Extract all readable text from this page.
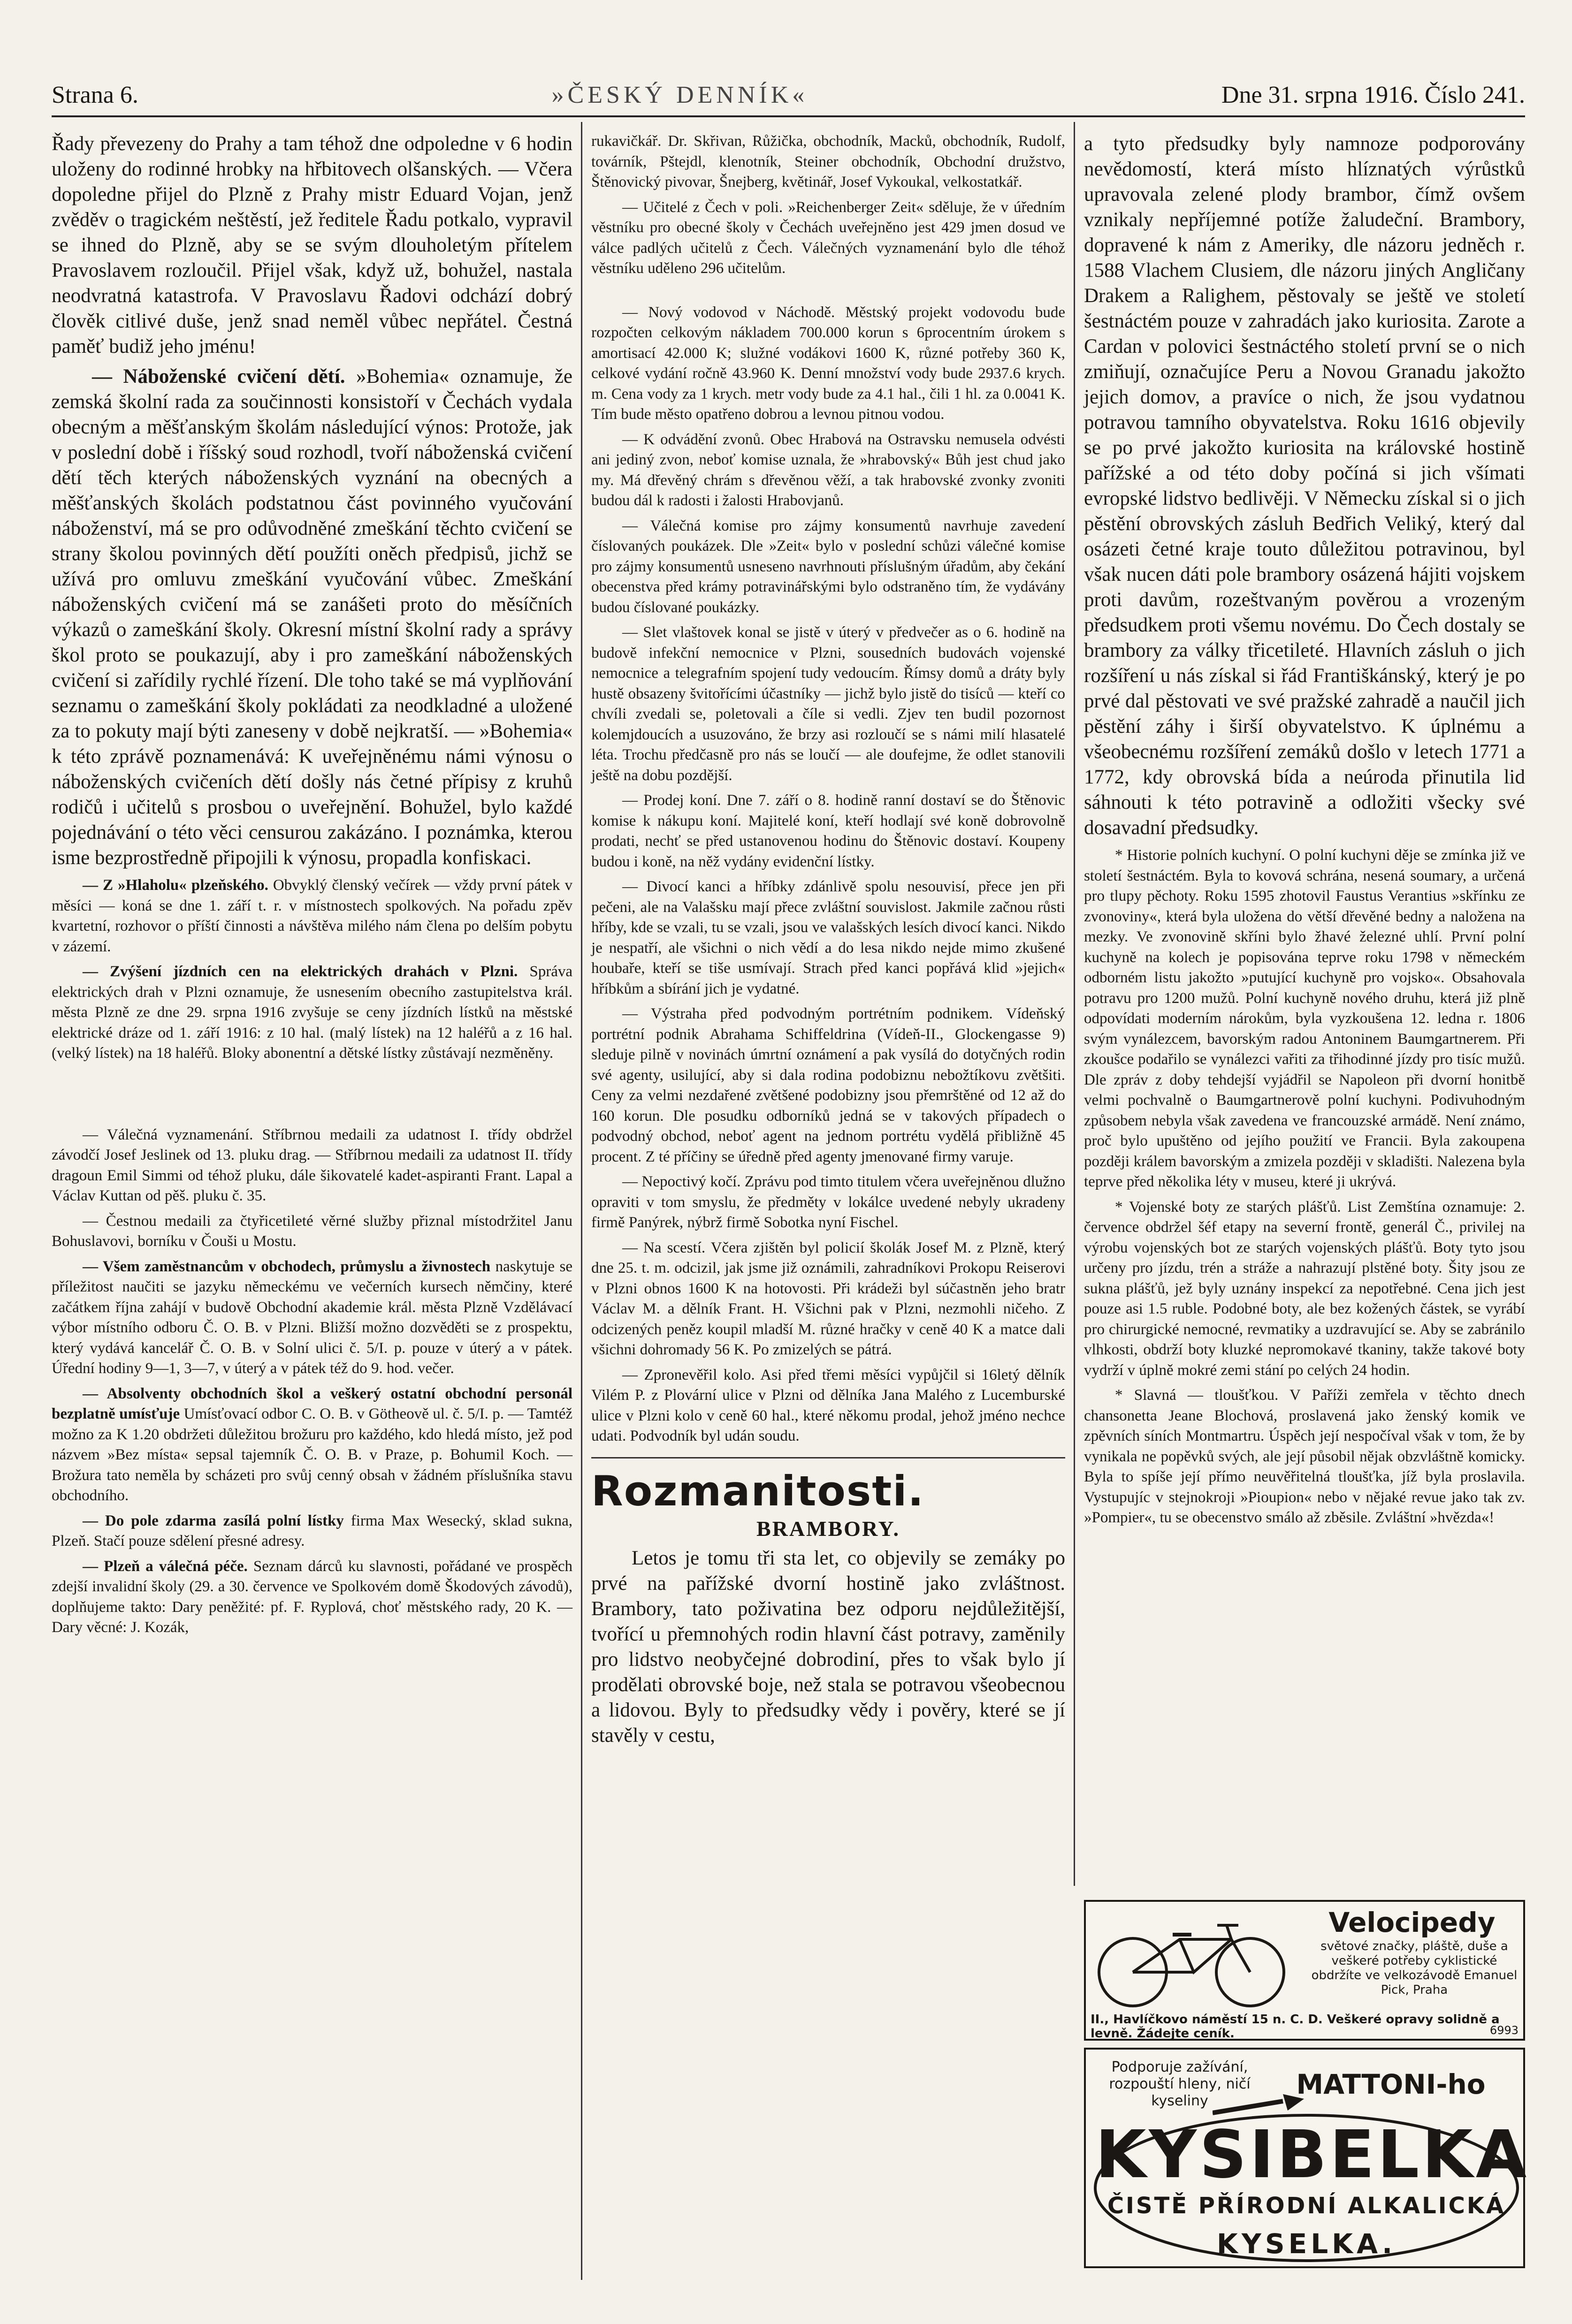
Strana 6.	»ČESKÝ DENNÍK«	Dne 31. srpna 1916. Číslo 241.

Řady převezeny do Prahy a tam téhož dne odpoledne v 6 hodin uloženy do rodinné hrobky na hřbitovech olšanských. — Včera dopoledne přijel do Plzně z Prahy mistr Eduard Vojan, jenž zvěděv o tragickém neštěstí, jež ředitele Řadu potkalo, vypravil se ihned do Plzně, aby se se svým dlouholetým přítelem Pravoslavem rozloučil. Přijel však, když už, bohužel, nastala neodvratná katastrofa. V Pravoslavu Řadovi odchází dobrý člověk citlivé duše, jenž snad neměl vůbec nepřátel. Čestná paměť budiž jeho jménu!

— Náboženské cvičení dětí. »Bohemia« oznamuje, že zemská školní rada za součinnosti konsistoří v Čechách vydala obecným a měšťanským školám následující výnos: Protože, jak v poslední době i říšský soud rozhodl, tvoří náboženská cvičení dětí těch kterých náboženských vyznání na obecných a měšťanských školách podstatnou část povinného vyučování náboženství, má se pro odůvodněné zmeškání těchto cvičení se stranу školou povinných dětí použíti oněch předpisů, jichž se užívá pro omluvu zmeškání vyučování vůbec. Zmeškání náboženských cvičení má se zanášeti proto do měsíčních výkazů o zameškání školy. Okresní místní školní rady a správy škol proto se poukazují, aby i pro zameškání náboženských cvičení si zařídily rychlé řízení. Dle toho také se má vyplňování seznamu o zameškání školy pokládati za neodkladné a uložené za to pokuty mají býti zaneseny v době nejkratší. — »Bohemia« k této zprávě poznamenává: K uveřejněnému námi výnosu o náboženských cvičeních dětí došly nás četné přípisy z kruhů rodičů i učitelů s prosbou o uveřejnění. Bohužel, bylo každé pojednávání o této věci censurou zakázáno. I poznámka, kterou isme bezprostředně připojili k výnosu, propadla konfiskaci.

— Z »Hlaholu« plzeňského. Obvyklý členský večírek — vždy první pátek v měsíci — koná se dne 1. září t. r. v místnostech spolkových. Na pořadu zpěv kvartetní, rozhovor o příští činnosti a návštěva milého nám člena po delším pobytu v zázemí.

— Zvýšení jízdních cen na elektrických drahách v Plzni. Správa elektrických drah v Plzni oznamuje, že usnesením obecního zastupitelstva král. města Plzně ze dne 29. srpna 1916 zvyšuje se ceny jízdních lístků na městské elektrické dráze od 1. září 1916: z 10 hal. (malý lístek) na 12 haléřů a z 16 hal. (velký lístek) na 18 haléřů. Bloky abonentní a dětské lístky zůstávají nezměněny.

— Válečná vyznamenání. Stříbrnou medaili za udatnost I. třídy obdržel závodčí Josef Jeslinek od 13. pluku drag. — Stříbrnou medaili za udatnost II. třídy dragoun Emil Simmi od téhož pluku, dále šikovatelé kadet-aspiranti Frant. Lapal a Václav Kuttan od pěš. pluku č. 35.

— Čestnou medaili za čtyřicetileté věrné služby přiznal místodržitel Janu Bohuslavovi, borníku v Čouši u Mostu.

— Všem zaměstnancům v obchodech, průmyslu a živnostech naskytuje se příležitost naučiti se jazyku německému ve večerních kursech němčiny, které začátkem října zahájí v budově Obchodní akademie král. města Plzně Vzdělávací výbor místního odboru Č. O. B. v Plzni. Bližší možno dozvěděti se z prospektu, který vydává kancelář Č. O. B. v Solní ulici č. 5/I. p. pouze v úterý a v pátek. Úřední hodiny 9—1, 3—7, v úterý a v pátek též do 9. hod. večer.

— Absolventy obchodních škol a veškerý ostatní obchodní personál bezplatně umísťuje Umísťovací odbor C. O. B. v Götheově ul. č. 5/I. p. — Tamtéž možno za K 1.20 obdržeti důležitou brožuru pro každého, kdo hledá místo, jež pod názvem »Bez místa« sepsal tajemník Č. O. B. v Praze, p. Bohumil Koch. — Brožura tato neměla by scházeti pro svůj cenný obsah v žádném příslušníka stavu obchodního.

— Do pole zdarma zasílá polní lístky firma Max Wesecký, sklad sukna, Plzeň. Stačí pouze sdělení přesné adresy.

— Plzeň a válečná péče. Seznam dárců ku slavnosti, pořádané ve prospěch zdejší invalidní školy (29. a 30. července ve Spolkovém domě Škodových závodů), doplňujeme takto: Dary peněžité: pf. F. Ryplová, choť městského rady, 20 K. — Dary věcné: J. Kozák,

rukavičkář. Dr. Skřivan, Růžička, obchodník, Macků, obchodník, Rudolf, továrník, Pštejdl, klenotník, Steiner obchodník, Obchodní družstvo, Štěnovický pivovar, Šnejberg, květinář, Josef Vykoukal, velkostatkář.

— Učitelé z Čech v poli. »Reichenberger Zeit« sděluje, že v úředním věstníku pro obecné školy v Čechách uveřejněno jest 429 jmen dosud ve válce padlých učitelů z Čech. Válečných vyznamenání bylo dle téhož věstníku uděleno 296 učitelům.

— Nový vodovod v Náchodě. Městský projekt vodovodu bude rozpočten celkovým nákladem 700.000 korun s 6procentním úrokem s amortisací 42.000 K; služné vodákovi 1600 K, různé potřeby 360 K, celkové vydání ročně 43.960 K. Denní množství vody bude 2937.6 krych. m. Cena vody za 1 krych. metr vody bude za 4.1 hal., čili 1 hl. za 0.0041 K. Tím bude město opatřeno dobrou a levnou pitnou vodou.

— K odvádění zvonů. Obec Hrabová na Ostravsku nemusela odvésti ani jediný zvon, neboť komise uznala, že »hrabovský« Bůh jest chud jako my. Má dřevěný chrám s dřevěnou věží, a tak hrabovské zvonky zvoniti budou dál k radosti i žalosti Hrabovjanů.

— Válečná komise pro zájmy konsumentů navrhuje zavedení číslovaných poukázek. Dle »Zeit« bylo v poslední schůzi válečné komise pro zájmy konsumentů usneseno navrhnouti příslušným úřadům, aby čekání obecenstva před krámy potravinářskými bylo odstraněno tím, že vydávány budou číslované poukázky.

— Slet vlaštovek konal se jistě v úterý v předvečer as o 6. hodině na budově infekční nemocnice v Plzni, sousedních budovách vojenské nemocnice a telegrafním spojení tudy vedoucím. Římsy domů a dráty byly hustě obsazeny švitořícími účastníky — jichž bylo jistě do tisíců — kteří co chvíli zvedali se, poletovali a číle si vedli. Zjev ten budil pozornost kolemjdoucích a usuzováno, že brzy asi rozloučí se s námi milí hlasatelé léta. Trochu předčasně pro nás se loučí — ale doufejme, že odlet stanovili ještě na dobu pozdější.

— Prodej koní. Dne 7. září o 8. hodině ranní dostaví se do Štěnovic komise k nákupu koní. Majitelé koní, kteří hodlají své koně dobrovolně prodati, nechť se před ustanovenou hodinu do Štěnovic dostaví. Koupeny budou i koně, na něž vydány evidenční lístky.

— Divocí kanci a hříbky zdánlivě spolu nesouvisí, přece jen při pečeni, ale na Valašsku mají přece zvláštní souvislost. Jakmile začnou růsti hříby, kde se vzali, tu se vzali, jsou ve valašských lesích divocí kanci. Nikdo je nespatří, ale všichni o nich vědí a do lesa nikdo nejde mimo zkušené houbaře, kteří se tiše usmívají. Strach před kanci popřává klid »jejich« hříbkům a sbírání jich je vydatné.

— Výstraha před podvodným portrétním podnikem. Vídeňský portrétní podnik Abrahama Schiffeldrina (Vídeň-II., Glockengasse 9) sleduje pilně v novinách úmrtní oznámení a pak vysílá do dotyčných rodin své agenty, usilující, aby si dala rodina podobiznu nebožtíkovu zvětšiti. Ceny za velmi nezdařené zvětšené podobizny jsou přemrštěné od 12 až do 160 korun. Dle posudku odborníků jedná se v takových případech o podvodný obchod, neboť agent na jednom portrétu vydělá přibližně 45 procent. Z té příčiny se úředně před agenty jmenované firmy varuje.

— Nepoctivý kočí. Zprávu pod timto titulem včera uveřejněnou dlužno opraviti v tom smyslu, že předměty v lokálce uvedené nebyly ukradeny firmě Panýrek, nýbrž firmě Sobotka nyní Fischel.

— Na scestí. Včera zjištěn byl policií školák Josef M. z Plzně, který dne 25. t. m. odcizil, jak jsme již oznámili, zahradníkovi Prokopu Reiserovi v Plzni obnos 1600 K na hotovosti. Při krádeži byl súčastněn jeho bratr Václav M. a dělník Frant. H. Všichni pak v Plzni, nezmohli ničeho. Z odcizených peněz koupil mladší M. různé hračky v ceně 40 K a matce dali všichni dohromady 56 K. Po zmizelých se pátrá.

— Zpronevěřil kolo. Asi před třemi měsíci vypůjčil si 16letý dělník Vilém P. z Plovární ulice v Plzni od dělníka Jana Malého z Lucemburské ulice v Plzni kolo v ceně 60 hal., které někomu prodal, jehož jméno nechce udati. Podvodník byl udán soudu.

Rozmanitosti.
BRAMBORY.

Letos je tomu tři sta let, co objevily se zemáky po prvé na pařížské dvorní hostině jako zvláštnost. Brambory, tato poživatina bez odporu nejdůležitější, tvořící u přemnohých rodin hlavní část potravy, zaměnily pro lidstvo neobyčejné dobrodiní, přes to však bylo jí prodělati obrovské boje, než stala se potravou všeobecnou a lidovou. Byly to předsudky vědy i pověry, které se jí stavěly v cestu,

a tyto předsudky byly namnoze podporovány nevědomostí, která místo hlíznatých výrůstků upravovala zelené plody brambor, čímž ovšem vznikaly nepříjemné potíže žaludeční. Brambory, dopravené k nám z Ameriky, dle názoru jedněch r. 1588 Vlachem Clusiem, dle názoru jiných Angličany Drakem a Ralighem, pěstovaly se ještě ve století šestnáctém pouze v zahradách jako kuriosita. Zarote a Cardan v polovici šestnáctého století první se o nich zmiňují, označujíce Peru a Novou Granadu jakožto jejich domov, a pravíce o nich, že jsou vydatnou potravou tamního obyvatelstva. Roku 1616 objevily se po prvé jakožto kuriosita na královské hostině pařížské a od této doby počíná si jich všímati evropské lidstvo bedlivěji. V Německu získal si o jich pěstění obrovských zásluh Bedřich Veliký, který dal osázeti četné kraje touto důležitou potravinou, byl však nucen dáti pole bramborу osázená hájiti vojskem proti davům, rozeštvaným pověrou a vrozeným předsudkem proti všemu novému. Do Čech dostaly se brambory za války třicetileté. Hlavních zásluh o jich rozšíření u nás získal si řád Františkánský, který je po prvé dal pěstovati ve své pražské zahradě a naučil jich pěstění záhy i širší obyvatelstvo. K úplnému a všeobecnému rozšíření zemáků došlo v letech 1771 a 1772, kdy obrovská bída a neúroda přinutila lid sáhnouti k této potravině a odložiti všecky své dosavadní předsudky.

* Historie polních kuchyní. O polní kuchyni děje se zmínka již ve století šestnáctém. Byla to kovová schrána, nesená soumary, a určená pro tlupy pěchoty. Roku 1595 zhotovil Faustus Verantius »skřínku ze zvonoviny«, která byla uložena do větší dřevěné bedny a naložena na mezky. Ve zvonovině skříni bylo žhavé železné uhlí. První polní kuchyně na kolech je popisována teprve roku 1798 v německém odborném listu jakožto »putující kuchyně pro vojsko«. Obsahovala potravu pro 1200 mužů. Polní kuchyně nového druhu, která již plně odpovídati moderním nárokům, byla vyzkoušena 12. ledna r. 1806 svým vynálezcem, bavorským radou Antoninem Baumgartnerem. Při zkoušce podařilo se vynálezci vařiti za třihodinné jízdy pro tisíc mužů. Dle zpráv z doby tehdejší vyjádřil se Napoleon při dvorní honitbě velmi pochvalně o Baumgartnerově polní kuchyni. Podivuhodným způsobem nebyla však zavedena ve francouzské armádě. Není známo, proč bylo upuštěno od jejího použití ve Francii. Byla zakoupena později králem bavorským a zmizela později v skladišti. Nalezena byla teprve před několika léty v museu, které ji ukrývá.

* Vojenské boty ze starých plášťů. List Zemštína oznamuje: 2. července obdržel šéf etapy na severní frontě, generál Č., privilej na výrobu vojenských bot ze starých vojenských plášťů. Boty tyto jsou určeny pro jízdu, trén a stráže a nahrazují plstěné boty. Šity jsou ze sukna plášťů, jež byly uznány inspekcí za nepotřebné. Cena jich jest pouze asi 1.5 rublе. Podobné boty, ale bez kožených částek, se vyrábí pro chirurgické nemocné, revmatiky a uzdravující se. Aby se zabránilo vlhkosti, obdrží boty kluzké nepromokavé tkaniny, takže takové boty vydrží v úplně mokré zemi stání po celých 24 hodin.

* Slavná — tloušťkou. V Paříži zemřela v těchto dnech chansonetta Jeane Blochová, proslavená jako ženský komik ve zpěvních síních Montmartru. Úspěch její nespočíval však v tom, že by vynikala ne popěvků svých, ale její působil nějak obzvláštně komicky. Byla to spíše její přímo neuvěřitelná tloušťka, jíž byla proslavila. Vystupujíc v stejnokroji »Pioupion« nebo v nějaké revue jako tak zv. »Pompier«, tu se obecenstvo smálo až zběsile. Zvláštní »hvězda«!

Velocipedy
světové značky, pláště, duše a veškeré potřeby cyklistické obdržíte ve velkozávodě Emanuel Pick, Praha
II., Havlíčkovo náměstí 15 n. C. D. Veškeré opravy solidně a levně. Žádejte ceník.	6993
Podporuje zažívání, rozpouští hleny, ničí kyseliny
MATTONI-ho
KYSIBELKA
ČISTĚ PŘÍRODNÍ ALKALICKÁ
KYSELKA.
